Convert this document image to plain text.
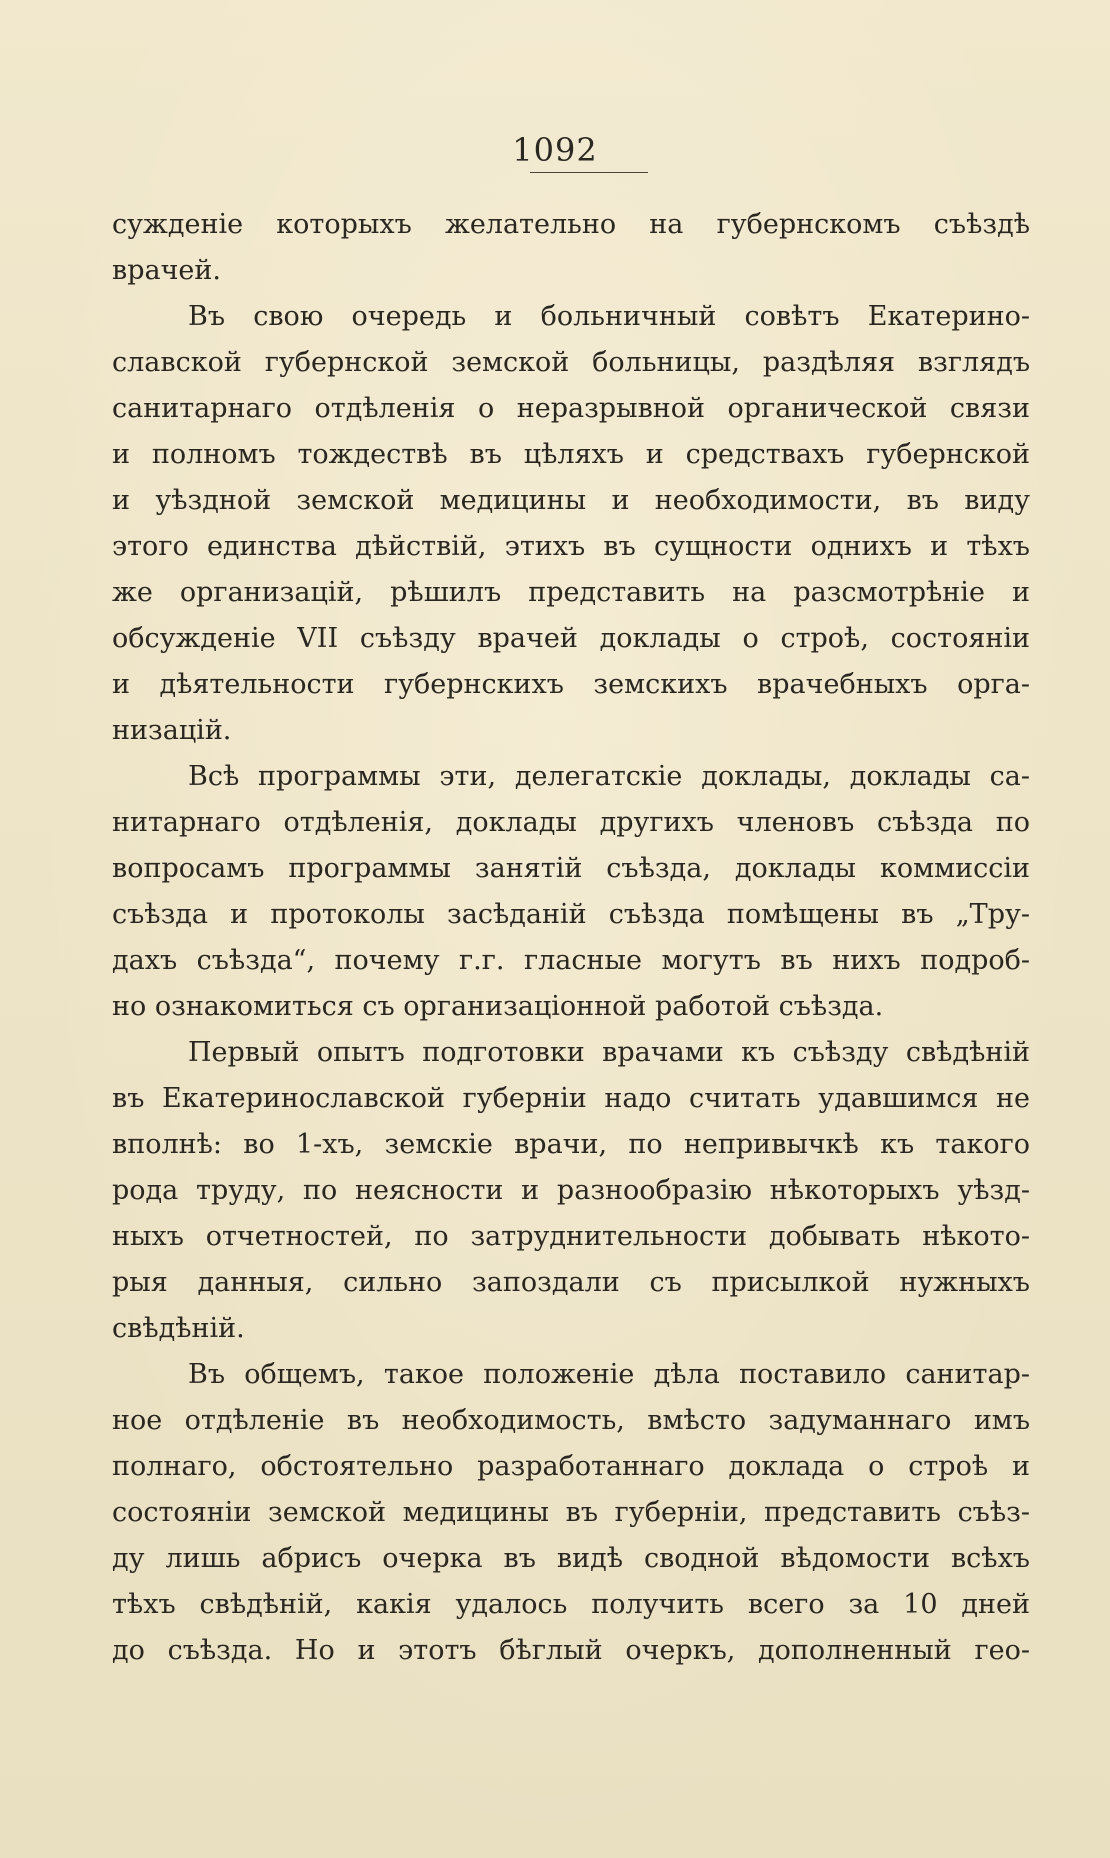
1092
сужденіе которыхъ желательно на губернскомъ съѣздѣ
врачей.
Въ свою очередь и больничный совѣтъ Екатерино-
славской губернской земской больницы, раздѣляя взглядъ
санитарнаго отдѣленія о неразрывной органической связи
и полномъ тождествѣ въ цѣляхъ и средствахъ губернской
и уѣздной земской медицины и необходимости, въ виду
этого единства дѣйствій, этихъ въ сущности однихъ и тѣхъ
же организацій, рѣшилъ представить на разсмотрѣніе и
обсужденіе VII съѣзду врачей доклады о строѣ, состояніи
и дѣятельности губернскихъ земскихъ врачебныхъ орга-
низацій.
Всѣ программы эти, делегатскіе доклады, доклады са-
нитарнаго отдѣленія, доклады другихъ членовъ съѣзда по
вопросамъ программы занятій съѣзда, доклады коммиссіи
съѣзда и протоколы засѣданій съѣзда помѣщены въ „Тру-
дахъ съѣзда“, почему г.г. гласные могутъ въ нихъ подроб-
но ознакомиться съ организаціонной работой съѣзда.
Первый опытъ подготовки врачами къ съѣзду свѣдѣній
въ Екатеринославской губерніи надо считать удавшимся не
вполнѣ: во 1-хъ, земскіе врачи, по непривычкѣ къ такого
рода труду, по неясности и разнообразію нѣкоторыхъ уѣзд-
ныхъ отчетностей, по затруднительности добывать нѣкото-
рыя данныя, сильно запоздали съ присылкой нужныхъ
свѣдѣній.
Въ общемъ, такое положеніе дѣла поставило санитар-
ное отдѣленіе въ необходимость, вмѣсто задуманнаго имъ
полнаго, обстоятельно разработаннаго доклада о строѣ и
состояніи земской медицины въ губерніи, представить съѣз-
ду лишь абрисъ очерка въ видѣ сводной вѣдомости всѣхъ
тѣхъ свѣдѣній, какія удалось получить всего за 10 дней
до съѣзда. Но и этотъ бѣглый очеркъ, дополненный гео-
